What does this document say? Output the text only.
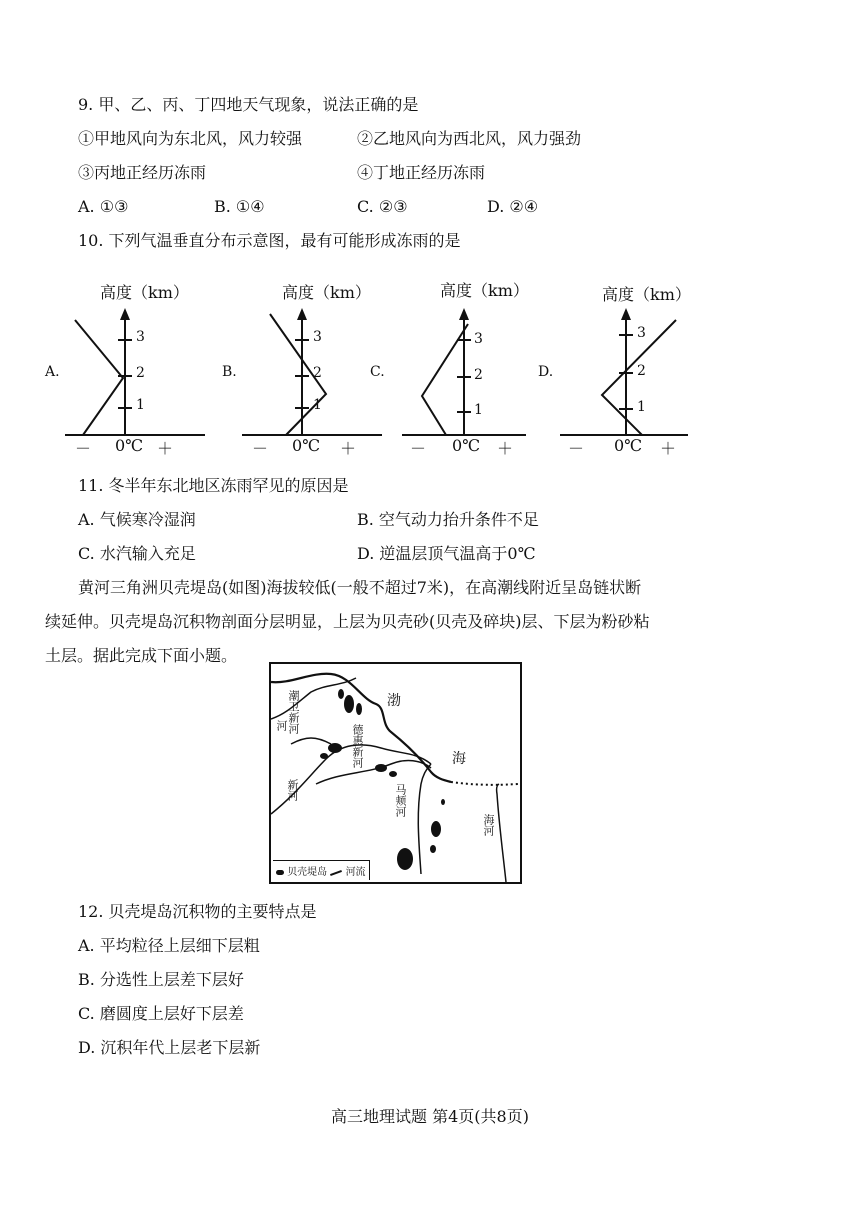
9. 甲、乙、丙、丁四地天气现象，说法正确的是
①甲地风向为东北风，风力较强	②乙地风向为西北风，风力强劲
③丙地正经历冻雨	④丁地正经历冻雨
A. ①③	B. ①④	C. ②③	D. ②④
10. 下列气温垂直分布示意图，最有可能形成冻雨的是
高度（km）
A.
1
2
3
－ 0℃ ＋
高度（km）
B.
1
2
3
－ 0℃ ＋
高度（km）
C.
1
2
3
－ 0℃ ＋
高度（km）
D.
1
2
3
－ 0℃ ＋
11. 冬半年东北地区冻雨罕见的原因是
A. 气候寒冷湿润	B. 空气动力抬升条件不足
C. 水汽输入充足	D. 逆温层顶气温高于0℃
黄河三角洲贝壳堤岛(如图)海拔较低(一般不超过7米)，在高潮线附近呈岛链状断
续延伸。贝壳堤岛沉积物剖面分层明显，上层为贝壳砂(贝壳及碎块)层、下层为粉砂粘
土层。据此完成下面小题。
渤
海
潮卫新河
河	德惠新河
新河	马颊河
海河
贝壳堤岛 河流
12. 贝壳堤岛沉积物的主要特点是
A. 平均粒径上层细下层粗
B. 分选性上层差下层好
C. 磨圆度上层好下层差
D. 沉积年代上层老下层新
高三地理试题 第4页(共8页)
